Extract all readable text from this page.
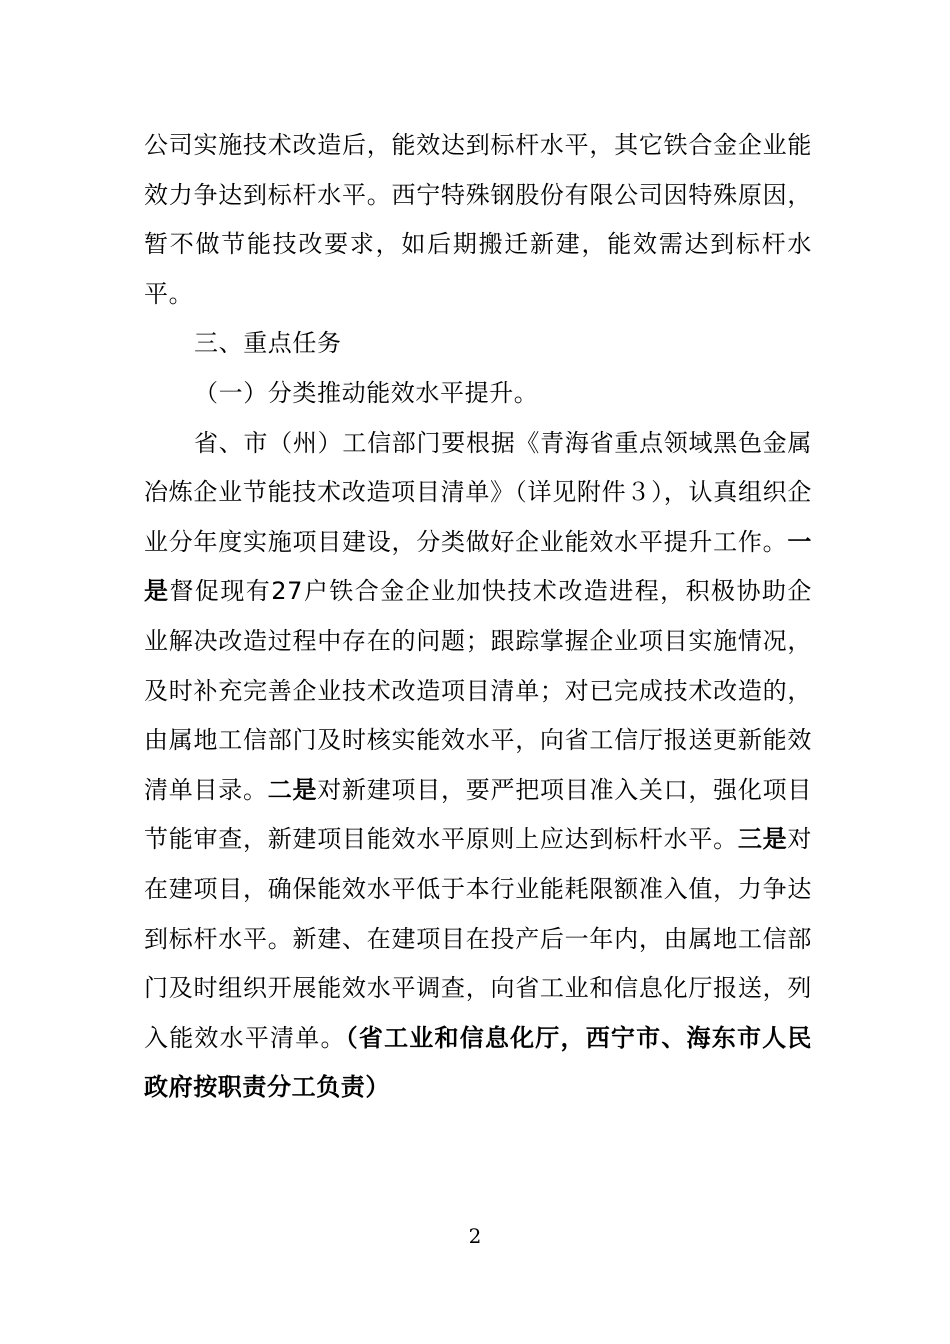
公司实施技术改造后，能效达到标杆水平，其它铁合金企业能效力争达到标杆水平。西宁特殊钢股份有限公司因特殊原因，暂不做节能技改要求，如后期搬迁新建，能效需达到标杆水平。

三、重点任务

（一）分类推动能效水平提升。

省、市（州）工信部门要根据《青海省重点领域黑色金属冶炼企业节能技术改造项目清单》（详见附件３），认真组织企业分年度实施项目建设，分类做好企业能效水平提升工作。一是督促现有27户铁合金企业加快技术改造进程，积极协助企业解决改造过程中存在的问题；跟踪掌握企业项目实施情况，及时补充完善企业技术改造项目清单；对已完成技术改造的，由属地工信部门及时核实能效水平，向省工信厅报送更新能效清单目录。二是对新建项目，要严把项目准入关口，强化项目节能审查，新建项目能效水平原则上应达到标杆水平。三是对在建项目，确保能效水平低于本行业能耗限额准入值，力争达到标杆水平。新建、在建项目在投产后一年内，由属地工信部门及时组织开展能效水平调查，向省工业和信息化厅报送，列入能效水平清单。（省工业和信息化厅，西宁市、海东市人民政府按职责分工负责）

2
